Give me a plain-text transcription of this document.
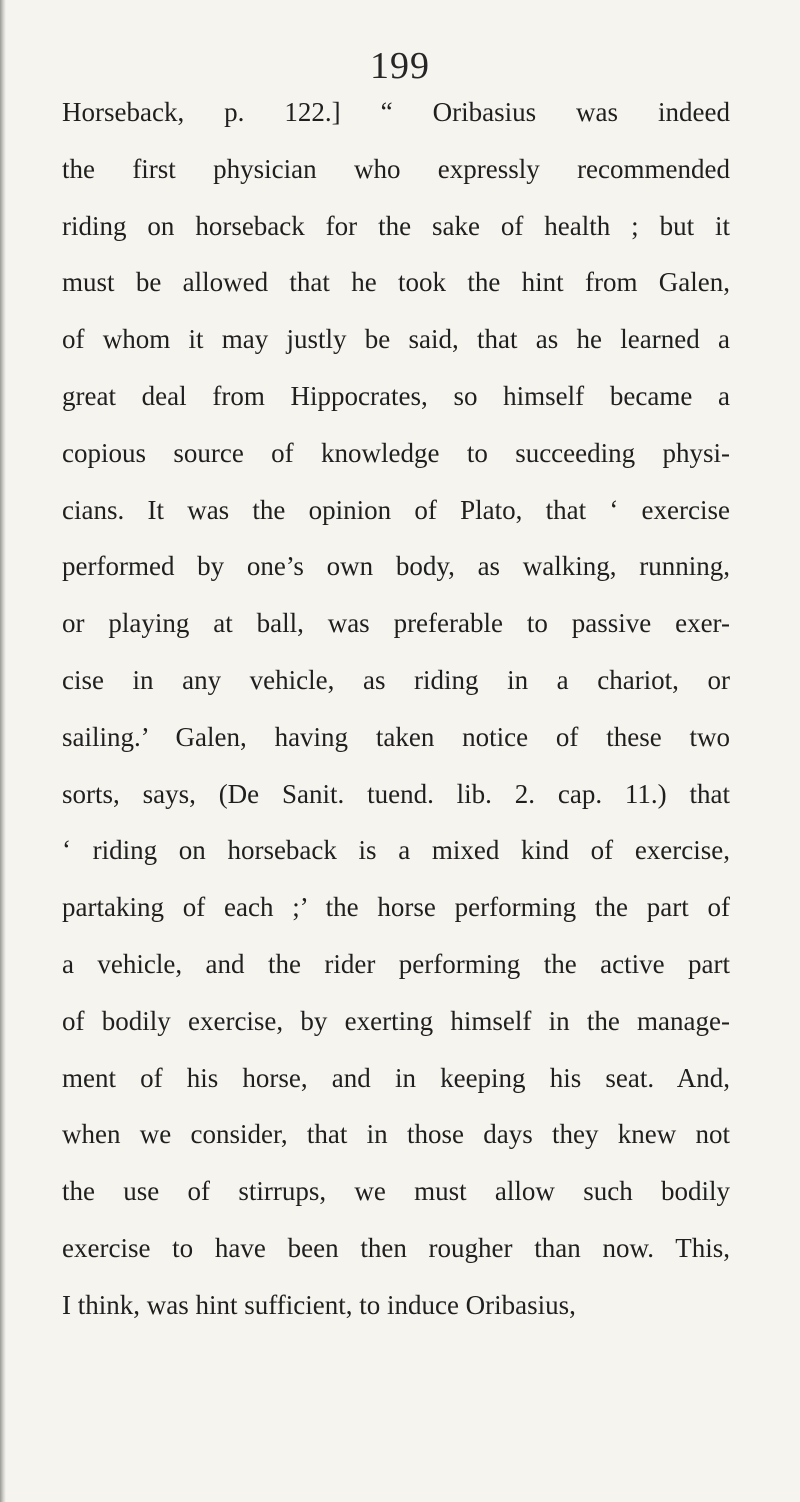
199
Horseback, p. 122.] “ Oribasius was indeed
the first physician who expressly recommended
riding on horseback for the sake of health ; but it
must be allowed that he took the hint from Galen,
of whom it may justly be said, that as he learned a
great deal from Hippocrates, so himself became a
copious source of knowledge to succeeding physi-
cians. It was the opinion of Plato, that ‘ exercise
performed by one’s own body, as walking, running,
or playing at ball, was preferable to passive exer-
cise in any vehicle, as riding in a chariot, or
sailing.’ Galen, having taken notice of these two
sorts, says, (De Sanit. tuend. lib. 2. cap. 11.) that
‘ riding on horseback is a mixed kind of exercise,
partaking of each ;’ the horse performing the part of
a vehicle, and the rider performing the active part
of bodily exercise, by exerting himself in the manage-
ment of his horse, and in keeping his seat. And,
when we consider, that in those days they knew not
the use of stirrups, we must allow such bodily
exercise to have been then rougher than now. This,
I think, was hint sufficient, to induce Oribasius,
